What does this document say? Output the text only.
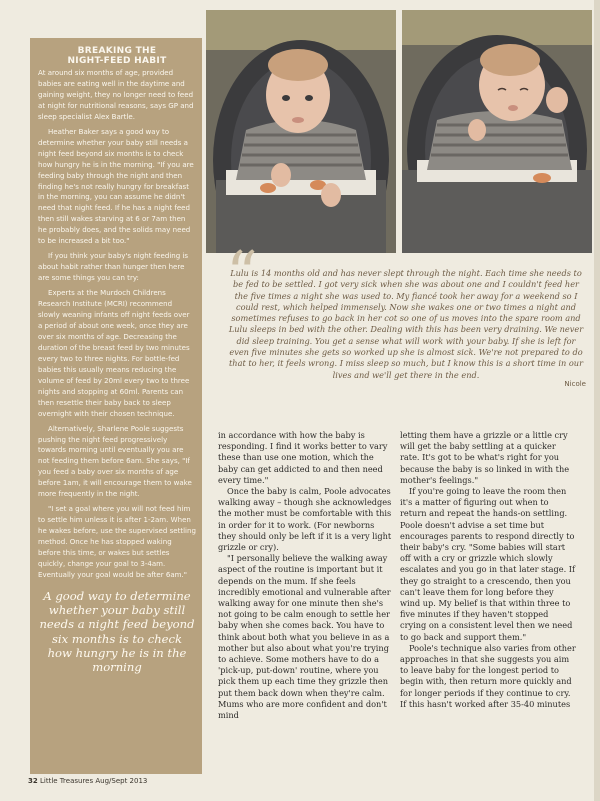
BREAKING THE
NIGHT-FEED HABIT

At around six months of age, provided babies are eating well in the daytime and gaining weight, they no longer need to feed at night for nutritional reasons, says GP and sleep specialist Alex Bartle.

Heather Baker says a good way to determine whether your baby still needs a night feed beyond six months is to check how hungry he is in the morning. "If you are feeding baby through the night and then finding he's not really hungry for breakfast in the morning, you can assume he didn't need that night feed. If he has a night feed then still wakes starving at 6 or 7am then he probably does, and the solids may need to be increased a bit too."

If you think your baby's night feeding is about habit rather than hunger then here are some things you can try:

Experts at the Murdoch Childrens Research Institute (MCRI) recommend slowly weaning infants off night feeds over a period of about one week, once they are over six months of age. Decreasing the duration of the breast feed by two minutes every two to three nights. For bottle-fed babies this usually means reducing the volume of feed by 20ml every two to three nights and stopping at 60ml. Parents can then resettle their baby back to sleep overnight with their chosen technique.

Alternatively, Sharlene Poole suggests pushing the night feed progressively towards morning until eventually you are not feeding them before 6am. She says, "If you feed a baby over six months of age before 1am, it will encourage them to wake more frequently in the night.

"I set a goal where you will not feed him to settle him unless it is after 1-2am. When he wakes before, use the supervised settling method. Once he has stopped waking before this time, or wakes but settles quickly, change your goal to 3-4am. Eventually your goal would be after 6am."

A good way to determine whether your baby still needs a night feed beyond six months is to check how hungry he is in the morning
“
Lulu is 14 months old and has never slept through the night. Each time she needs to be fed to be settled. I got very sick when she was about one and I couldn't feed her the five times a night she was used to. My fiancé took her away for a weekend so I could rest, which helped immensely. Now she wakes one or two times a night and sometimes refuses to go back in her cot so one of us moves into the spare room and Lulu sleeps in bed with the other. Dealing with this has been very draining. We never did sleep training. You get a sense what will work with your baby. If she is left for even five minutes she gets so worked up she is almost sick. We're not prepared to do that to her, it feels wrong. I miss sleep so much, but I know this is a short time in our lives and we'll get there in the end.
Nicole

in accordance with how the baby is responding. I find it works better to vary these than use one motion, which the baby can get addicted to and then need every time."

Once the baby is calm, Poole advocates walking away – though she acknowledges the mother must be comfortable with this in order for it to work. (For newborns they should only be left if it is a very light grizzle or cry).

"I personally believe the walking away aspect of the routine is important but it depends on the mum. If she feels incredibly emotional and vulnerable after walking away for one minute then she's not going to be calm enough to settle her baby when she comes back. You have to think about both what you believe in as a mother but also about what you're trying to achieve. Some mothers have to do a 'pick-up, put-down' routine, where you pick them up each time they grizzle then put them back down when they're calm. Mums who are more confident and don't mind

letting them have a grizzle or a little cry will get the baby settling at a quicker rate. It's got to be what's right for you because the baby is so linked in with the mother's feelings."

If you're going to leave the room then it's a matter of figuring out when to return and repeat the hands-on settling. Poole doesn't advise a set time but encourages parents to respond directly to their baby's cry. "Some babies will start off with a cry or grizzle which slowly escalates and you go in that later stage. If they go straight to a crescendo, then you can't leave them for long before they wind up. My belief is that within three to five minutes if they haven't stopped crying on a consistent level then we need to go back and support them."

Poole's technique also varies from other approaches in that she suggests you aim to leave baby for the longest period to begin with, then return more quickly and for longer periods if they continue to cry. If this hasn't worked after 35-40 minutes

32 Little Treasures Aug/Sept 2013
